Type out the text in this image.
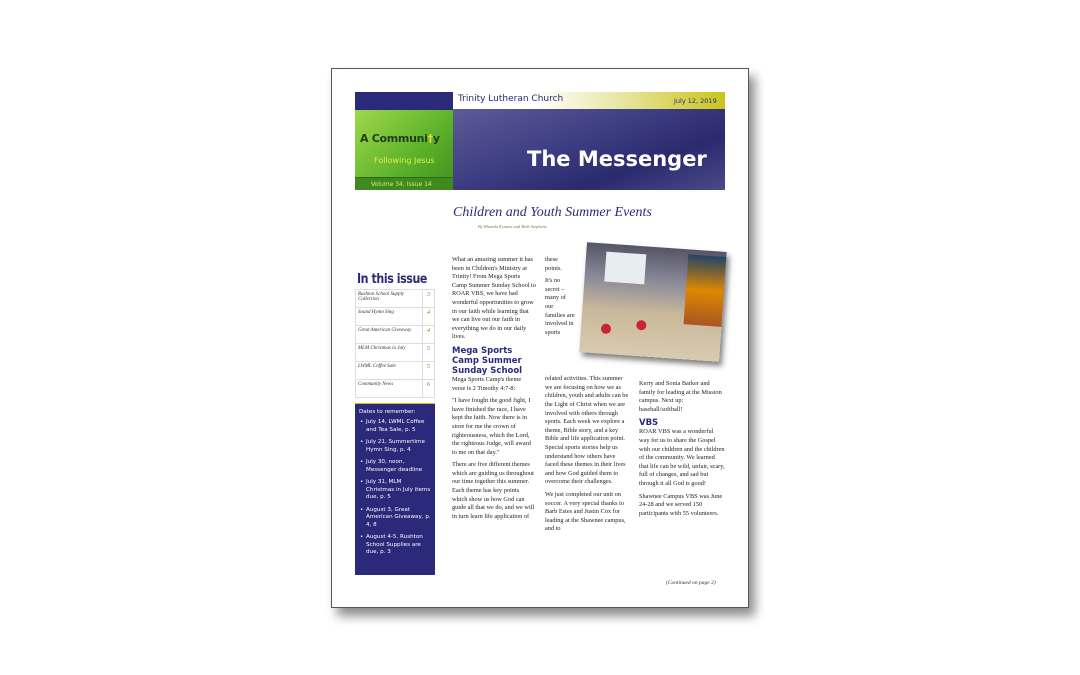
A Communi†y
Following Jesus
Volume 34, Issue 14
Trinity Lutheran Church	July 12, 2019
The Messenger
Children and Youth Summer Events
By Rhonda Eynans and Beth Stephens
In this issue
Rushton School Supply Collection	3
Sound Hymn Sing	4
Great American Giveaway	4
MLM Christmas in July	5
LWML Coffee Sale	5
Community News	6
Dates to remember:
• July 14, LWML Coffee and Tea Sale, p. 5
• July 21, Summertime Hymn Sing, p. 4
• July 30, noon, Messenger deadline
• July 31, MLM Christmas in July items due, p. 5
• August 3, Great American Giveaway, p. 4, 8
• August 4-5, Rushton School Supplies are due, p. 3

What an amazing summer it has been in Children's Ministry at Trinity! From Mega Sports Camp Summer Sunday School to ROAR VBS, we have had wonderful opportunities to grow in our faith while learning that we can live out our faith in everything we do in our daily lives.

Mega Sports Camp Summer Sunday School

Mega Sports Camp's theme verse is 2 Timothy 4:7-8:

"I have fought the good fight, I have finished the race, I have kept the faith. Now there is in store for me the crown of righteousness, which the Lord, the righteous Judge, will award to me on that day."

There are five different themes which are guiding us throughout our time together this summer. Each theme has key points which show us how God can guide all that we do, and we will in turn learn life application of

these points.

It's no secret – many of our families are involved in sports

related activities. This summer we are focusing on how we as children, youth and adults can be the Light of Christ when we are involved with others through sports. Each week we explore a theme, Bible story, and a key Bible and life application point. Special sports stories help us understand how others have faced these themes in their lives and how God guided them to overcome their challenges.

We just completed our unit on soccer. A very special thanks to Barb Estes and Justin Cox for leading at the Shawnee campus, and to

Kerry and Sonia Barker and family for leading at the Mission campus. Next up: baseball/softball!

VBS

ROAR VBS was a wonderful way for us to share the Gospel with our children and the children of the community. We learned that life can be wild, unfair, scary, full of changes, and sad but through it all God is good!

Shawnee Campus VBS was June 24-28 and we served 150 participants with 55 volunteers.

(Continued on page 2)
